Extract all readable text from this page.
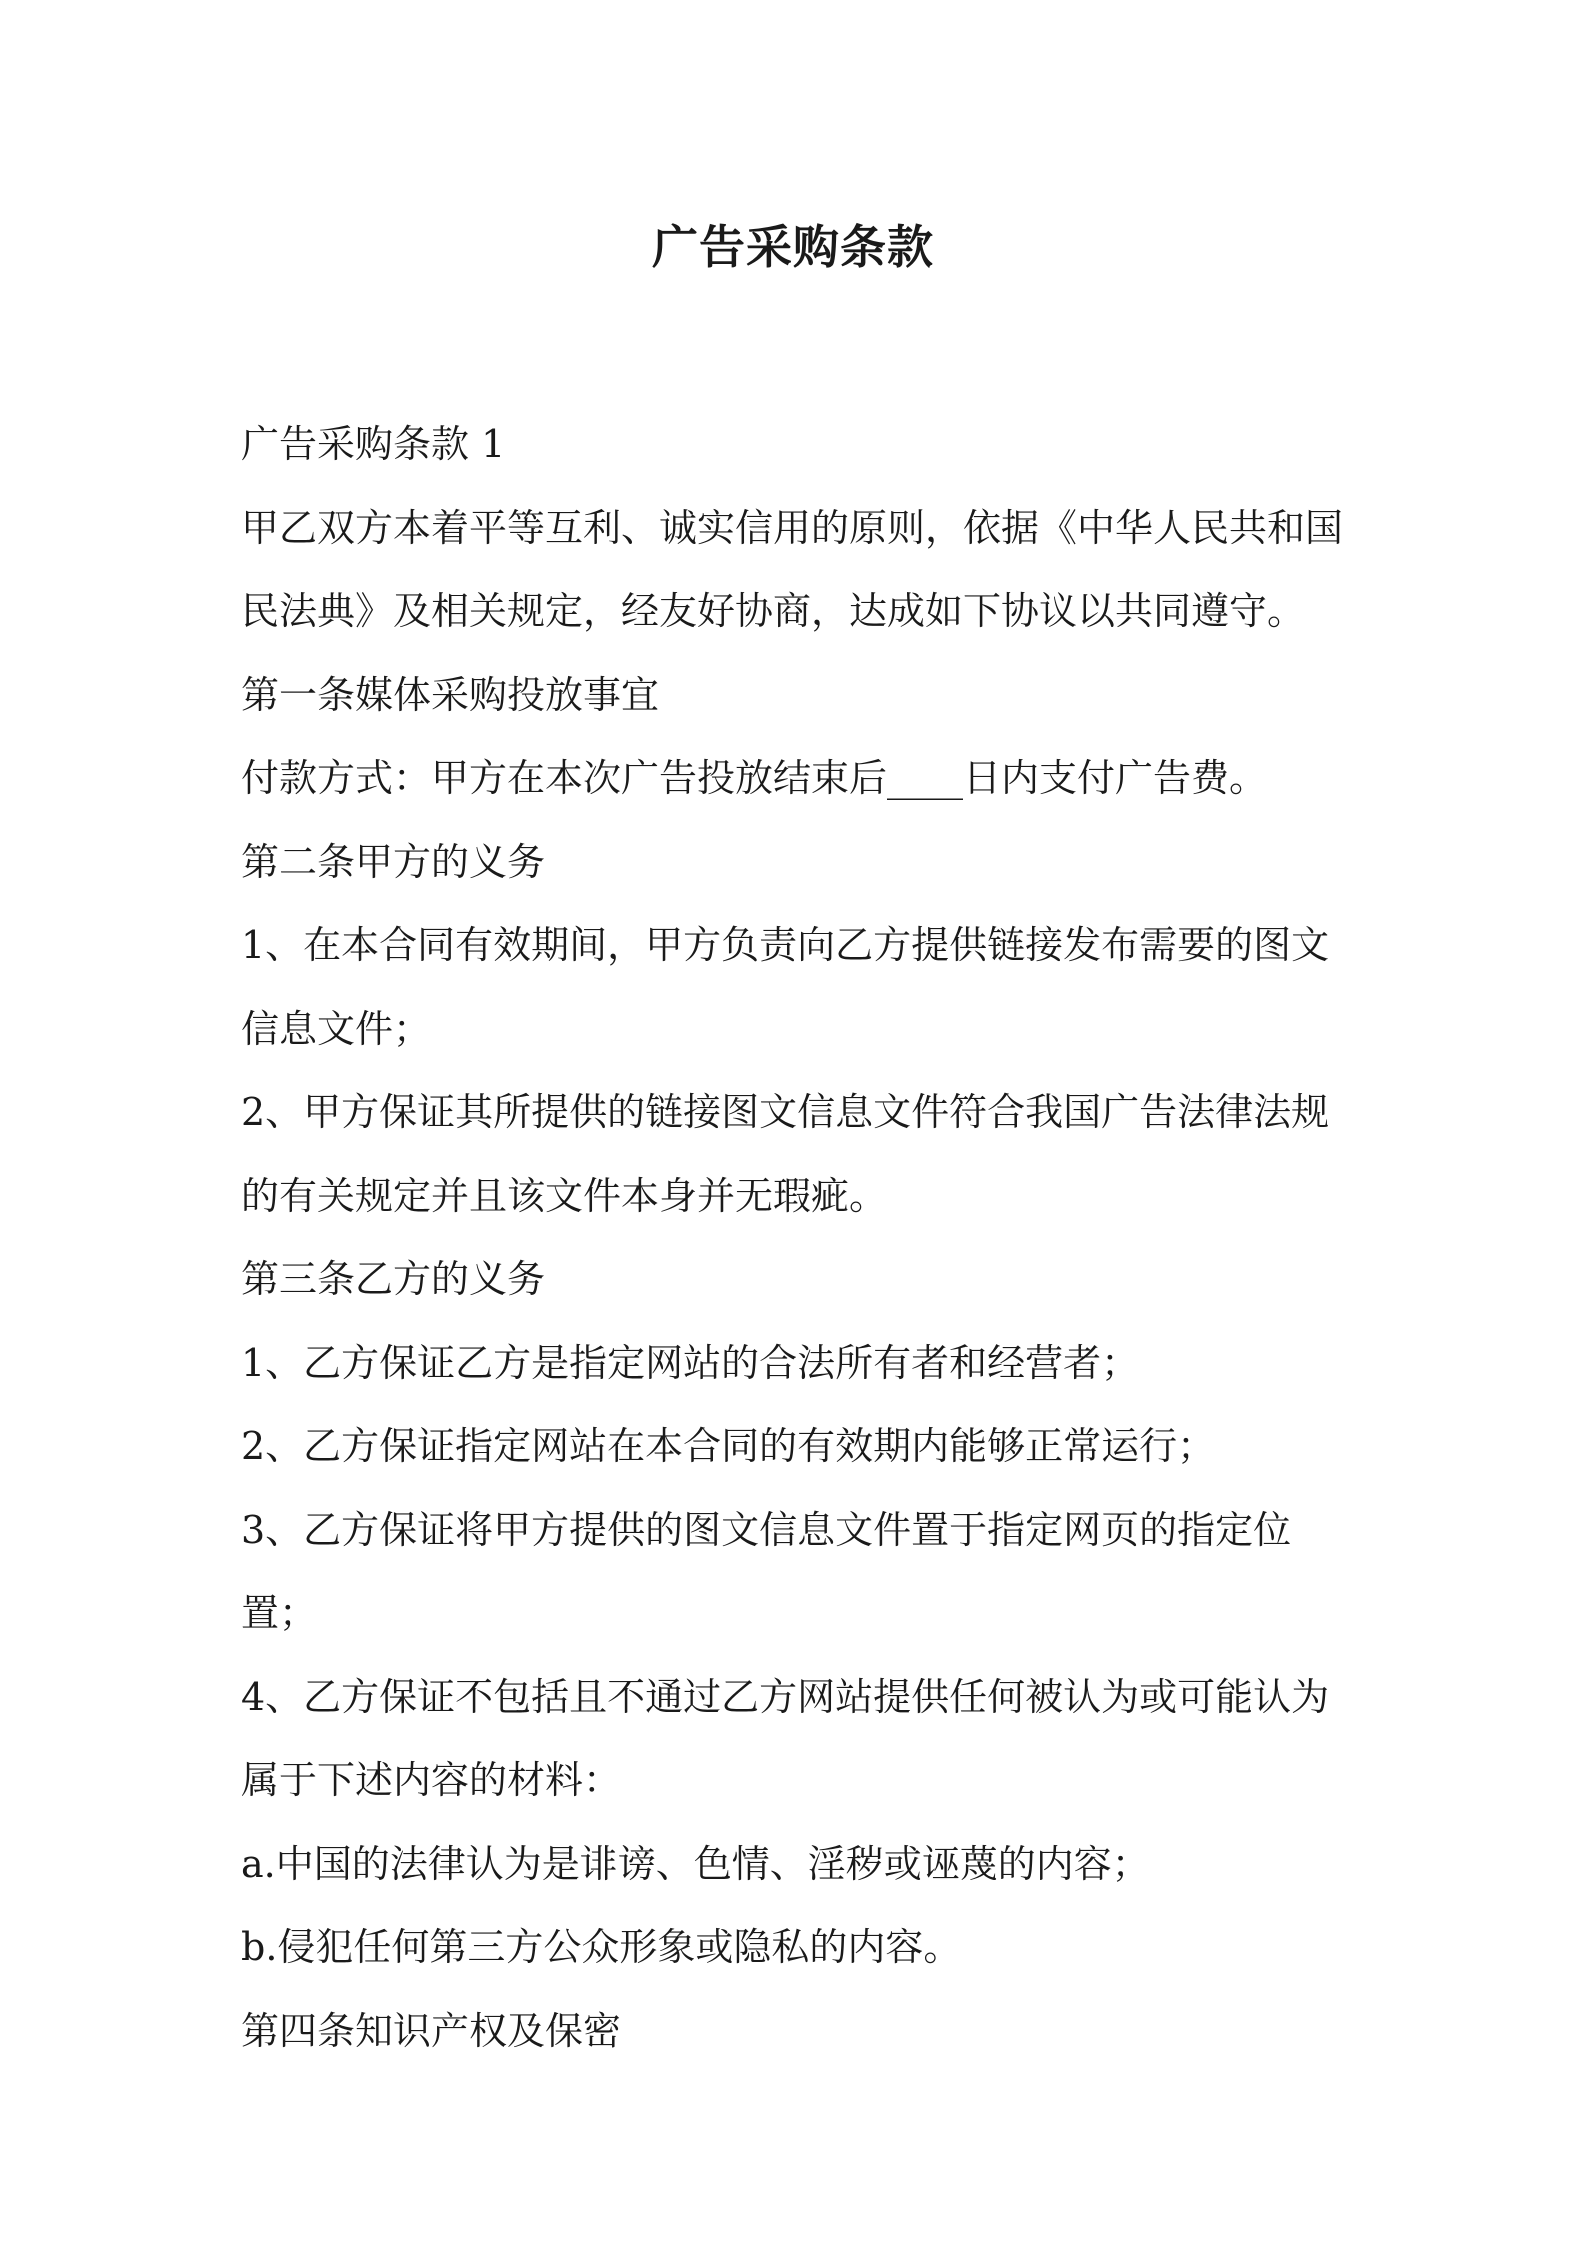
广告采购条款

广告采购条款 1

甲乙双方本着平等互利、诚实信用的原则，依据《中华人民共和国民法典》及相关规定，经友好协商，达成如下协议以共同遵守。

第一条媒体采购投放事宜

付款方式：甲方在本次广告投放结束后____日内支付广告费。

第二条甲方的义务

1、在本合同有效期间，甲方负责向乙方提供链接发布需要的图文信息文件；

2、甲方保证其所提供的链接图文信息文件符合我国广告法律法规的有关规定并且该文件本身并无瑕疵。

第三条乙方的义务

1、乙方保证乙方是指定网站的合法所有者和经营者；

2、乙方保证指定网站在本合同的有效期内能够正常运行；

3、乙方保证将甲方提供的图文信息文件置于指定网页的指定位置；

4、乙方保证不包括且不通过乙方网站提供任何被认为或可能认为属于下述内容的材料：

a.中国的法律认为是诽谤、色情、淫秽或诬蔑的内容；

b.侵犯任何第三方公众形象或隐私的内容。

第四条知识产权及保密
